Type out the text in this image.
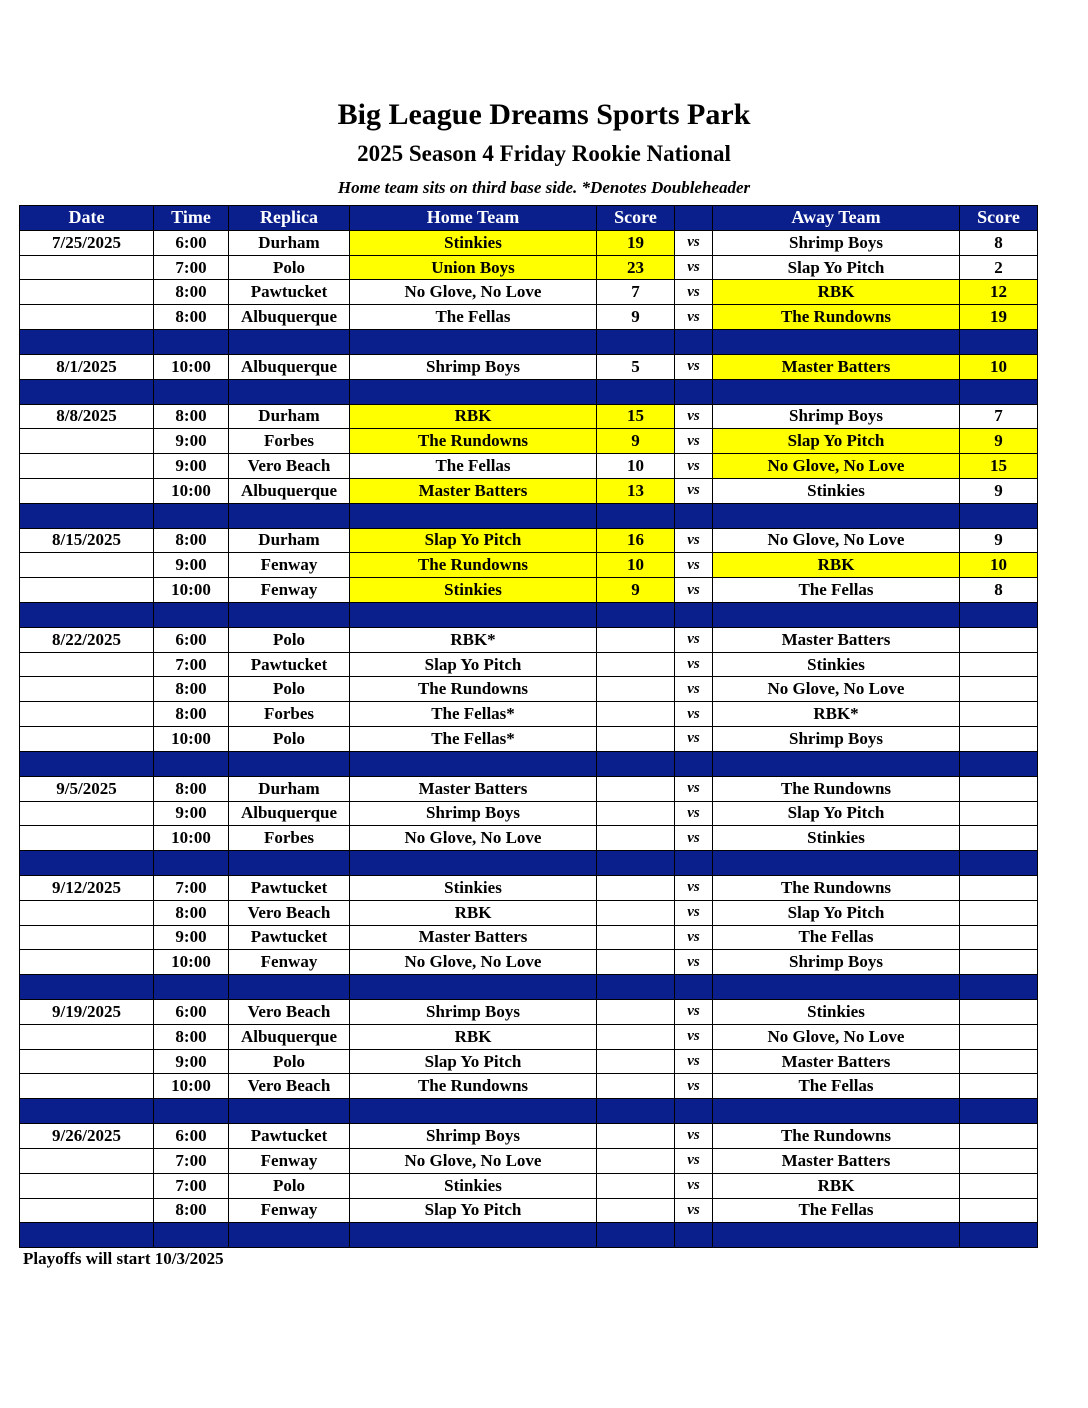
Big League Dreams Sports Park
2025 Season 4 Friday Rookie National
Home team sits on third base side. *Denotes Doubleheader
Date	Time	Replica	Home Team	Score		Away Team	Score
7/25/2025	6:00	Durham	Stinkies	19	vs	Shrimp Boys	8
	7:00	Polo	Union Boys	23	vs	Slap Yo Pitch	2
	8:00	Pawtucket	No Glove, No Love	7	vs	RBK	12
	8:00	Albuquerque	The Fellas	9	vs	The Rundowns	19

8/1/2025	10:00	Albuquerque	Shrimp Boys	5	vs	Master Batters	10

8/8/2025	8:00	Durham	RBK	15	vs	Shrimp Boys	7
	9:00	Forbes	The Rundowns	9	vs	Slap Yo Pitch	9
	9:00	Vero Beach	The Fellas	10	vs	No Glove, No Love	15
	10:00	Albuquerque	Master Batters	13	vs	Stinkies	9

8/15/2025	8:00	Durham	Slap Yo Pitch	16	vs	No Glove, No Love	9
	9:00	Fenway	The Rundowns	10	vs	RBK	10
	10:00	Fenway	Stinkies	9	vs	The Fellas	8

8/22/2025	6:00	Polo	RBK*		vs	Master Batters	
	7:00	Pawtucket	Slap Yo Pitch		vs	Stinkies	
	8:00	Polo	The Rundowns		vs	No Glove, No Love	
	8:00	Forbes	The Fellas*		vs	RBK*	
	10:00	Polo	The Fellas*		vs	Shrimp Boys	

9/5/2025	8:00	Durham	Master Batters		vs	The Rundowns	
	9:00	Albuquerque	Shrimp Boys		vs	Slap Yo Pitch	
	10:00	Forbes	No Glove, No Love		vs	Stinkies	

9/12/2025	7:00	Pawtucket	Stinkies		vs	The Rundowns	
	8:00	Vero Beach	RBK		vs	Slap Yo Pitch	
	9:00	Pawtucket	Master Batters		vs	The Fellas	
	10:00	Fenway	No Glove, No Love		vs	Shrimp Boys	

9/19/2025	6:00	Vero Beach	Shrimp Boys		vs	Stinkies	
	8:00	Albuquerque	RBK		vs	No Glove, No Love	
	9:00	Polo	Slap Yo Pitch		vs	Master Batters	
	10:00	Vero Beach	The Rundowns		vs	The Fellas	

9/26/2025	6:00	Pawtucket	Shrimp Boys		vs	The Rundowns	
	7:00	Fenway	No Glove, No Love		vs	Master Batters	
	7:00	Polo	Stinkies		vs	RBK	
	8:00	Fenway	Slap Yo Pitch		vs	The Fellas	

Playoffs will start 10/3/2025
